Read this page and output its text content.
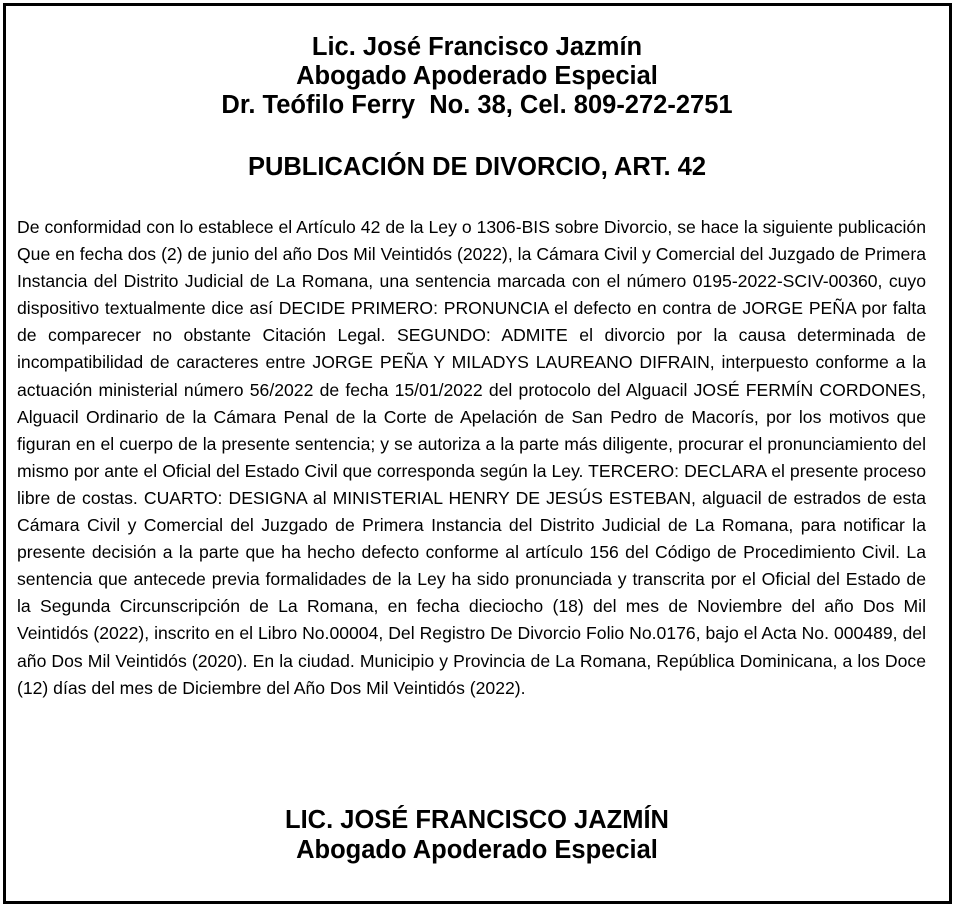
Lic. José Francisco Jazmín
Abogado Apoderado Especial
Dr. Teófilo Ferry  No. 38, Cel. 809-272-2751
PUBLICACIÓN DE DIVORCIO, ART. 42

De conformidad con lo establece el Artículo 42 de la Ley o 1306-BIS sobre Divorcio, se hace la siguiente publicación Que en fecha dos (2) de junio del año Dos Mil Veintidós (2022), la Cámara Civil y Comercial del Juzgado de Primera Instancia del Distrito Judicial de La Romana, una sentencia marcada con el número 0195-2022-SCIV-00360, cuyo dispositivo textualmente dice así DECIDE PRIMERO: PRONUNCIA el defecto en contra de JORGE PEÑA por falta de comparecer no obstante Citación Legal. SEGUNDO: ADMITE el divorcio por la causa determinada de incompatibilidad de caracteres entre JORGE PEÑA Y MILADYS LAUREANO DIFRAIN, interpuesto conforme a la actuación ministerial número 56/2022 de fecha 15/01/2022 del protocolo del Alguacil JOSÉ FERMÍN CORDONES, Alguacil Ordinario de la Cámara Penal de la Corte de Apelación de San Pedro de Macorís, por los motivos que figuran en el cuerpo de la presente sentencia; y se autoriza a la parte más diligente, procurar el pronunciamiento del mismo por ante el Oficial del Estado Civil que corresponda según la Ley. TERCERO: DECLARA el presente proceso libre de costas. CUARTO: DESIGNA al MINISTERIAL HENRY DE JESÚS ESTEBAN, alguacil de estrados de esta Cámara Civil y Comercial del Juzgado de Primera Instancia del Distrito Judicial de La Romana, para notificar la presente decisión a la parte que ha hecho defecto conforme al artículo 156 del Código de Procedimiento Civil. La sentencia que antecede previa formalidades de la Ley ha sido pronunciada y transcrita por el Oficial del Estado de la Segunda Circunscripción de La Romana, en fecha dieciocho (18) del mes de Noviembre del año Dos Mil Veintidós (2022), inscrito en el Libro No.00004, Del Registro De Divorcio Folio No.0176, bajo el Acta No. 000489, del año Dos Mil Veintidós (2020). En la ciudad. Municipio y Provincia de La Romana, República Dominicana, a los Doce (12) días del mes de Diciembre del Año Dos Mil Veintidós (2022).

LIC. JOSÉ FRANCISCO JAZMÍN
Abogado Apoderado Especial
